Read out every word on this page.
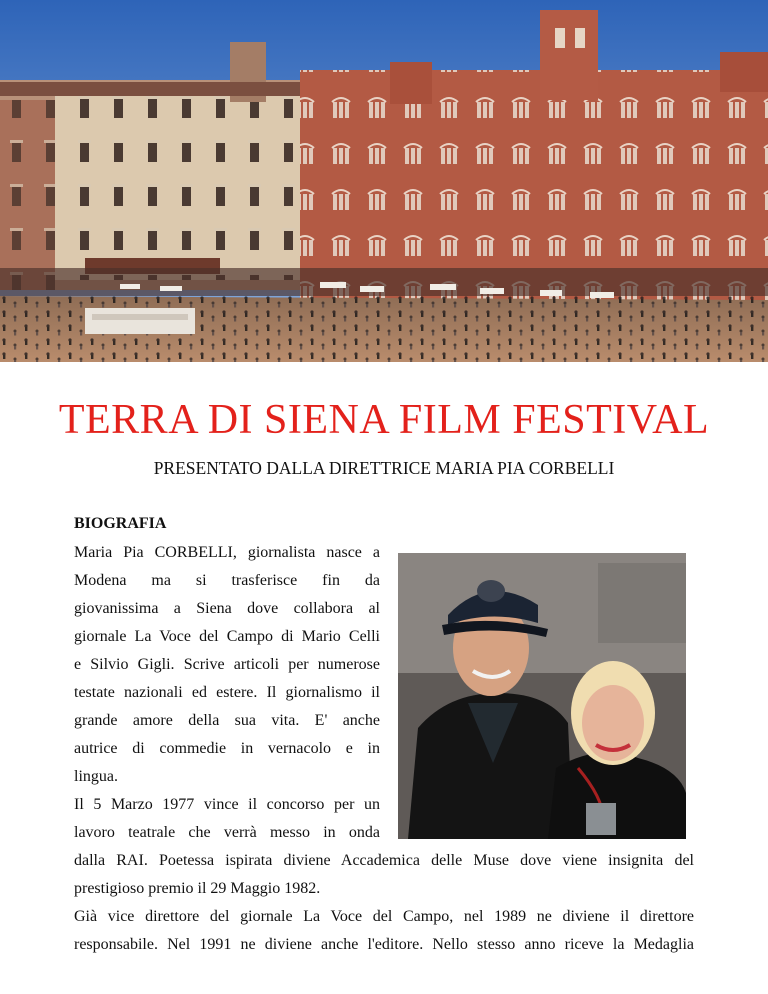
TERRA DI SIENA FILM FESTIVAL
PRESENTATO DALLA DIRETTRICE MARIA PIA CORBELLI
BIOGRAFIA
Maria Pia CORBELLI, giornalista nasce a
Modena ma si trasferisce fin da
giovanissima a Siena dove collabora al
giornale La Voce del Campo di Mario Celli
e Silvio Gigli. Scrive articoli per numerose
testate nazionali ed estere. Il giornalismo il
grande amore della sua vita. E' anche
autrice di commedie in vernacolo e in
lingua.
Il 5 Marzo 1977 vince il concorso per un
lavoro teatrale che verrà messo in onda
dalla RAI. Poetessa ispirata diviene Accademica delle Muse dove viene insignita del
prestigioso premio il 29 Maggio 1982.
Già vice direttore del giornale La Voce del Campo, nel 1989 ne diviene il direttore
responsabile. Nel 1991 ne diviene anche l'editore. Nello stesso anno riceve la Medaglia
